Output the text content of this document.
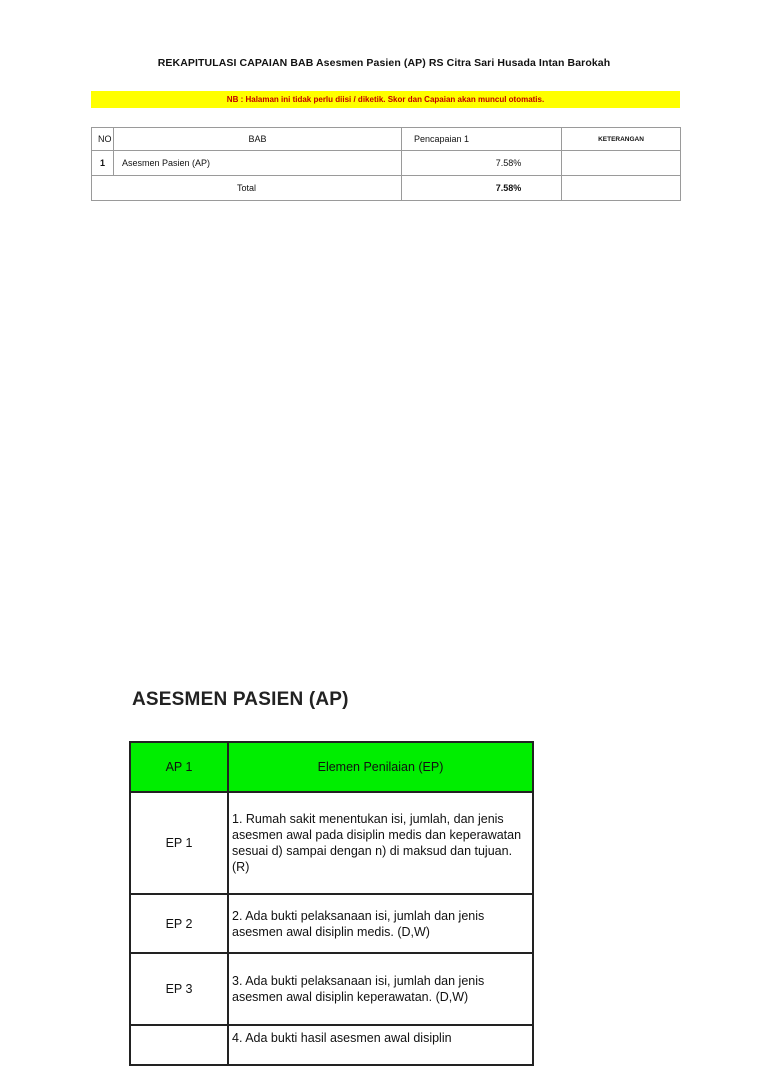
REKAPITULASI CAPAIAN BAB Asesmen Pasien (AP) RS Citra Sari Husada Intan Barokah
NB : Halaman ini tidak perlu diisi / diketik. Skor dan Capaian akan muncul otomatis.
NO	BAB	Pencapaian 1	KETERANGAN
1	Asesmen Pasien (AP)	7.58%	
Total		7.58%	
ASESMEN PASIEN (AP)
AP 1	Elemen Penilaian (EP)
EP 1	1. Rumah sakit menentukan isi, jumlah, dan jenis asesmen awal pada disiplin medis dan keperawatan sesuai d) sampai dengan n) di maksud dan tujuan. (R)
EP 2	2. Ada bukti pelaksanaan isi, jumlah dan jenis asesmen awal disiplin medis. (D,W)
EP 3	3. Ada bukti pelaksanaan isi, jumlah dan jenis asesmen awal disiplin keperawatan. (D,W)
	4. Ada bukti hasil asesmen awal disiplin
